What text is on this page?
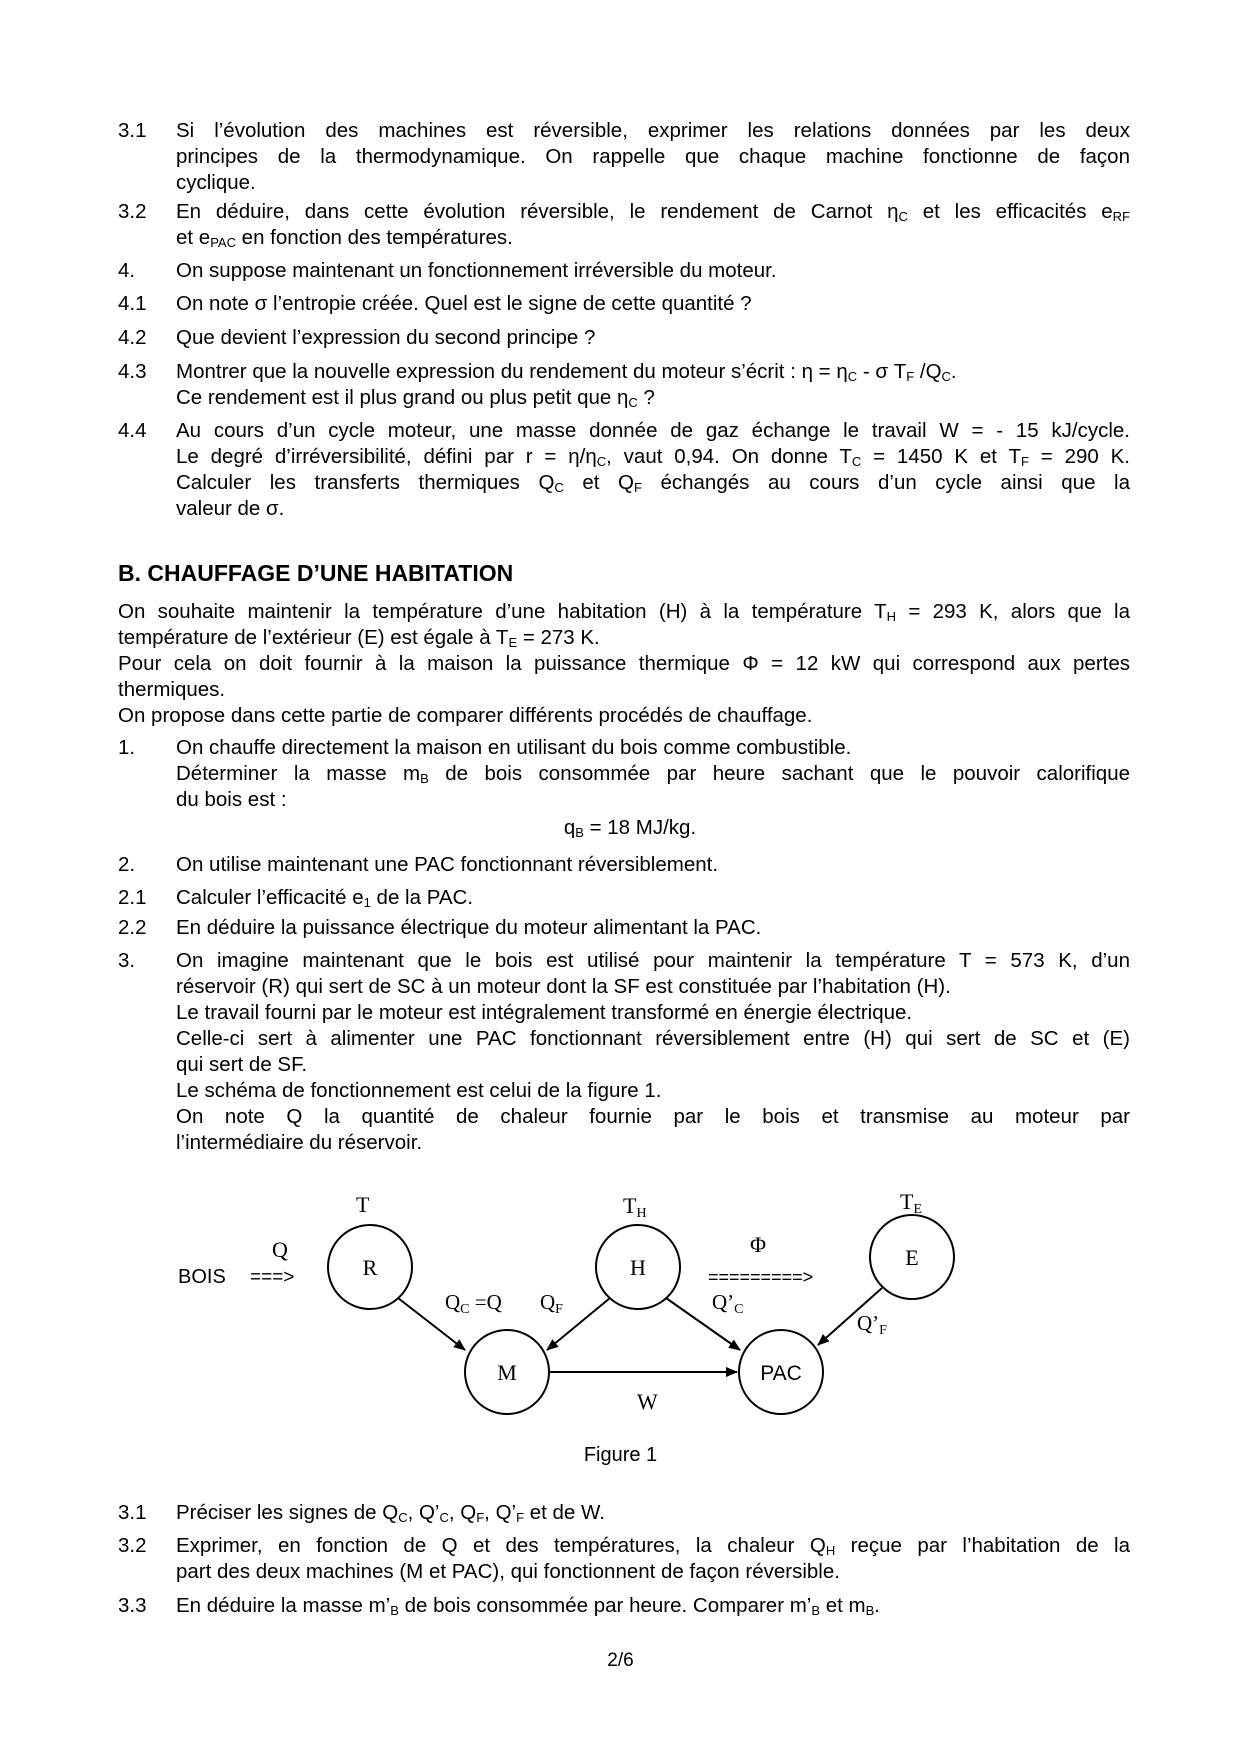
3.1	Si l’évolution des machines est réversible, exprimer les relations données par les deux
principes de la thermodynamique. On rappelle que chaque machine fonctionne de façon
cyclique.
3.2	En déduire, dans cette évolution réversible, le rendement de Carnot $\eta_C$ et les efficacités $e_{RF}$
et $e_{PAC}$ en fonction des températures.
4.	On suppose maintenant un fonctionnement irréversible du moteur.
4.1	On note σ l’entropie créée. Quel est le signe de cette quantité ?
4.2	Que devient l’expression du second principe ?
4.3	Montrer que la nouvelle expression du rendement du moteur s’écrit : $\eta = \eta_C - \sigma$ $T_F$ $/Q_C$.
Ce rendement est il plus grand ou plus petit que $\eta_C$ ?
4.4	Au cours d’un cycle moteur, une masse donnée de gaz échange le travail W = - 15 kJ/cycle.
Le degré d’irréversibilité, défini par $r = \eta/\eta_C$, vaut 0,94. On donne $T_C = 1450$ K et $T_F = 290$ K.
Calculer les transferts thermiques $Q_C$ et $Q_F$ échangés au cours d’un cycle ainsi que la
valeur de σ.
B. CHAUFFAGE D’UNE HABITATION
On souhaite maintenir la température d’une habitation (H) à la température $T_H = 293$ K, alors que la
température de l’extérieur (E) est égale à $T_E = 273$ K.
Pour cela on doit fournir à la maison la puissance thermique Φ = 12 kW qui correspond aux pertes
thermiques.
On propose dans cette partie de comparer différents procédés de chauffage.
1.	On chauffe directement la maison en utilisant du bois comme combustible.
Déterminer la masse $m_B$ de bois consommée par heure sachant que le pouvoir calorifique
du bois est :
$q_B = 18$ MJ/kg.
2.	On utilise maintenant une PAC fonctionnant réversiblement.
2.1	Calculer l’efficacité $e_1$ de la PAC.
2.2	En déduire la puissance électrique du moteur alimentant la PAC.
3.	On imagine maintenant que le bois est utilisé pour maintenir la température T = 573 K, d’un
réservoir (R) qui sert de SC à un moteur dont la SF est constituée par l’habitation (H).
Le travail fourni par le moteur est intégralement transformé en énergie électrique.
Celle-ci sert à alimenter une PAC fonctionnant réversiblement entre (H) qui sert de SC et (E)
qui sert de SF.
Le schéma de fonctionnement est celui de la figure 1.
On note Q la quantité de chaleur fournie par le bois et transmise au moteur par
l’intermédiaire du réservoir.
BOIS ===>
Q
T	TH	TE
R	H	E
M	PAC
Φ
=========>
QC =Q QF	Q’C
Q’F
W
Figure 1
3.1	Préciser les signes de $Q_C$, $Q’_C$, $Q_F$, $Q’_F$ et de W.
3.2	Exprimer, en fonction de Q et des températures, la chaleur $Q_H$ reçue par l’habitation de la
part des deux machines (M et PAC), qui fonctionnent de façon réversible.
3.3	En déduire la masse $m’_B$ de bois consommée par heure. Comparer $m’_B$ et $m_B$.
2/6
